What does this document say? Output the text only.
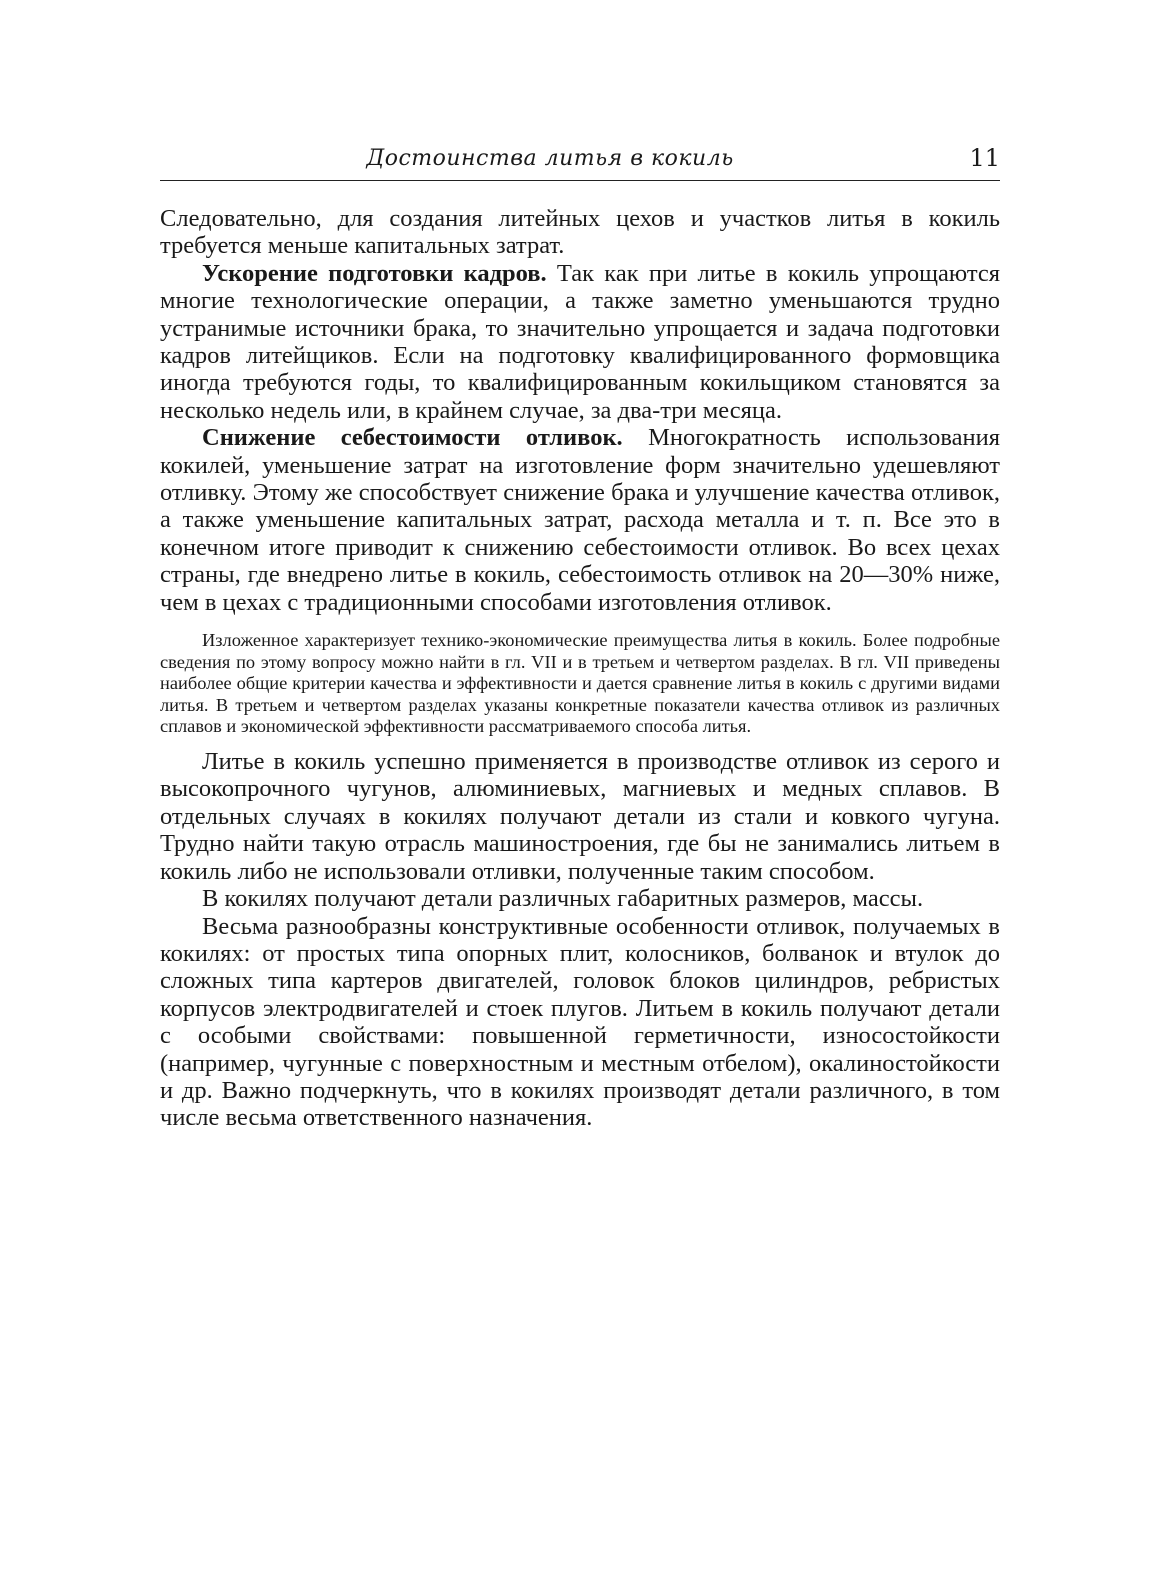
Достоинства литья в кокиль	11

Следовательно, для создания литейных цехов и участков литья в кокиль требуется меньше капитальных затрат.

Ускорение подготовки кадров. Так как при литье в кокиль упрощаются многие технологические операции, а также заметно уменьшаются трудно устранимые источники брака, то значительно упрощается и задача подготовки кадров литейщиков. Если на подготовку квалифицированного формовщика иногда требуются годы, то квалифицированным кокильщиком становятся за несколько недель или, в крайнем случае, за два-три месяца.

Снижение себестоимости отливок. Многократность использования кокилей, уменьшение затрат на изготовление форм значительно удешевляют отливку. Этому же способствует снижение брака и улучшение качества отливок, а также уменьшение капитальных затрат, расхода металла и т. п. Все это в конечном итоге приводит к снижению себестоимости отливок. Во всех цехах страны, где внедрено литье в кокиль, себестоимость отливок на 20—30% ниже, чем в цехах с традиционными способами изготовления отливок.

Изложенное характеризует технико-экономические преимущества литья в кокиль. Более подробные сведения по этому вопросу можно найти в гл. VII и в третьем и четвертом разделах. В гл. VII приведены наиболее общие критерии качества и эффективности и дается сравнение литья в кокиль с другими видами литья. В третьем и четвертом разделах указаны конкретные показатели качества отливок из различных сплавов и экономической эффективности рассматриваемого способа литья.

Литье в кокиль успешно применяется в производстве отливок из серого и высокопрочного чугунов, алюминиевых, магниевых и медных сплавов. В отдельных случаях в кокилях получают детали из стали и ковкого чугуна. Трудно найти такую отрасль машиностроения, где бы не занимались литьем в кокиль либо не использовали отливки, полученные таким способом.

В кокилях получают детали различных габаритных размеров, массы.

Весьма разнообразны конструктивные особенности отливок, получаемых в кокилях: от простых типа опорных плит, колосников, болванок и втулок до сложных типа картеров двигателей, головок блоков цилиндров, ребристых корпусов электродвигателей и стоек плугов. Литьем в кокиль получают детали с особыми свойствами: повышенной герметичности, износостойкости (например, чугунные с поверхностным и местным отбелом), окалиностойкости и др. Важно подчеркнуть, что в кокилях производят детали различного, в том числе весьма ответственного назначения.
